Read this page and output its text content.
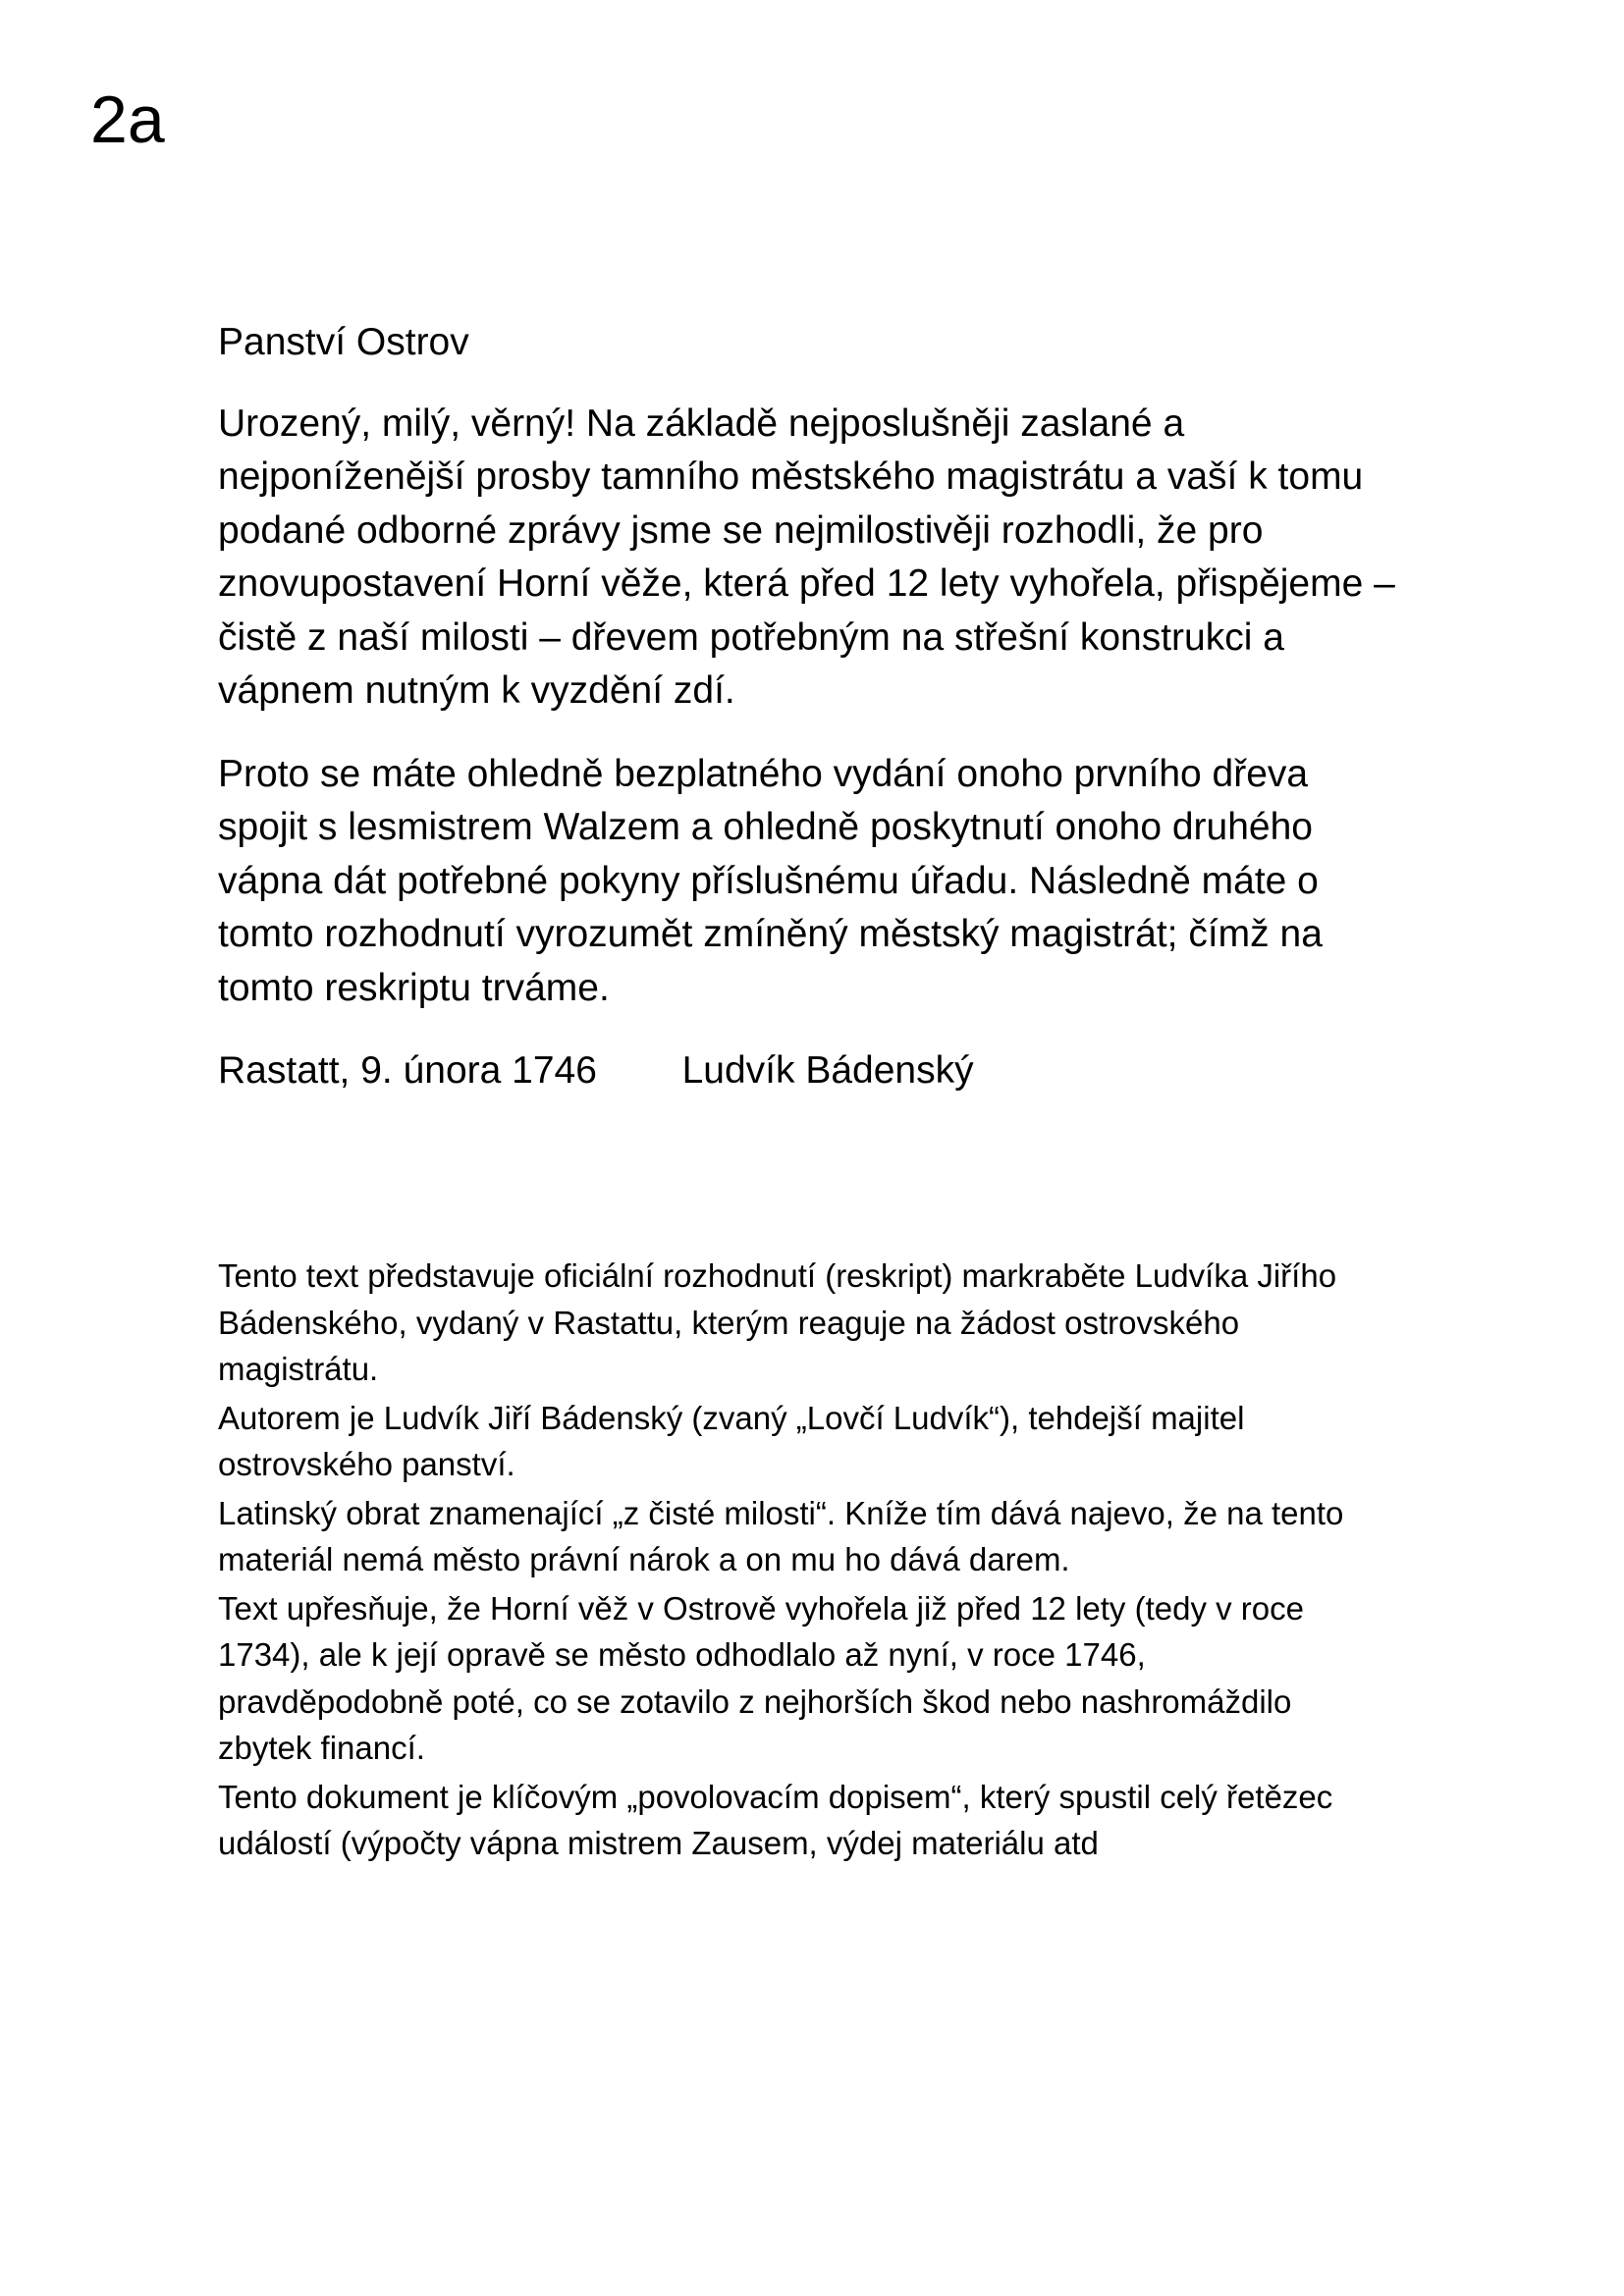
2a
Panství Ostrov

Urozený, milý, věrný! Na základě nejposlušněji zaslané a
nejponíženější prosby tamního městského magistrátu a vaší k tomu
podané odborné zprávy jsme se nejmilostivěji rozhodli, že pro
znovupostavení Horní věže, která před 12 lety vyhořela, přispějeme –
čistě z naší milosti – dřevem potřebným na střešní konstrukci a
vápnem nutným k vyzdění zdí.

Proto se máte ohledně bezplatného vydání onoho prvního dřeva
spojit s lesmistrem Walzem a ohledně poskytnutí onoho druhého
vápna dát potřebné pokyny příslušnému úřadu. Následně máte o
tomto rozhodnutí vyrozumět zmíněný městský magistrát; čímž na
tomto reskriptu trváme.

Rastatt, 9. února 1746        Ludvík Bádenský

Tento text představuje oficiální rozhodnutí (reskript) markraběte Ludvíka Jiřího
Bádenského, vydaný v Rastattu, kterým reaguje na žádost ostrovského
magistrátu.

Autorem je Ludvík Jiří Bádenský (zvaný „Lovčí Ludvík“), tehdejší majitel
ostrovského panství.

Latinský obrat znamenající „z čisté milosti“. Kníže tím dává najevo, že na tento
materiál nemá město právní nárok a on mu ho dává darem.

Text upřesňuje, že Horní věž v Ostrově vyhořela již před 12 lety (tedy v roce
1734), ale k její opravě se město odhodlalo až nyní, v roce 1746,
pravděpodobně poté, co se zotavilo z nejhorších škod nebo nashromáždilo
zbytek financí.

Tento dokument je klíčovým „povolovacím dopisem“, který spustil celý řetězec
událostí (výpočty vápna mistrem Zausem, výdej materiálu atd
